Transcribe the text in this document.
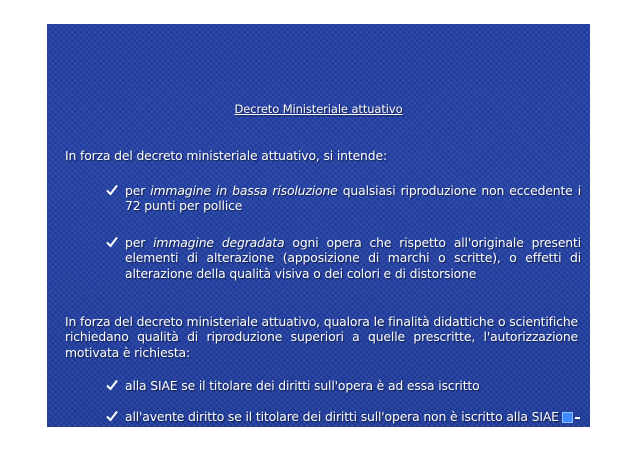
Decreto Ministeriale attuativo

In forza del decreto ministeriale attuativo, si intende:

per immagine in bassa risoluzione qualsiasi riproduzione non eccedente i 72 punti per pollice

per immagine degradata ogni opera che rispetto all'originale presenti elementi di alterazione (apposizione di marchi o scritte), o effetti di alterazione della qualità visiva o dei colori e di distorsione

In forza del decreto ministeriale attuativo, qualora le finalità didattiche o scientifiche richiedano qualità di riproduzione superiori a quelle prescritte, l'autorizzazione motivata è richiesta:

alla SIAE se il titolare dei diritti sull'opera è ad essa iscritto

all'avente diritto se il titolare dei diritti sull'opera non è iscritto alla SIAE
